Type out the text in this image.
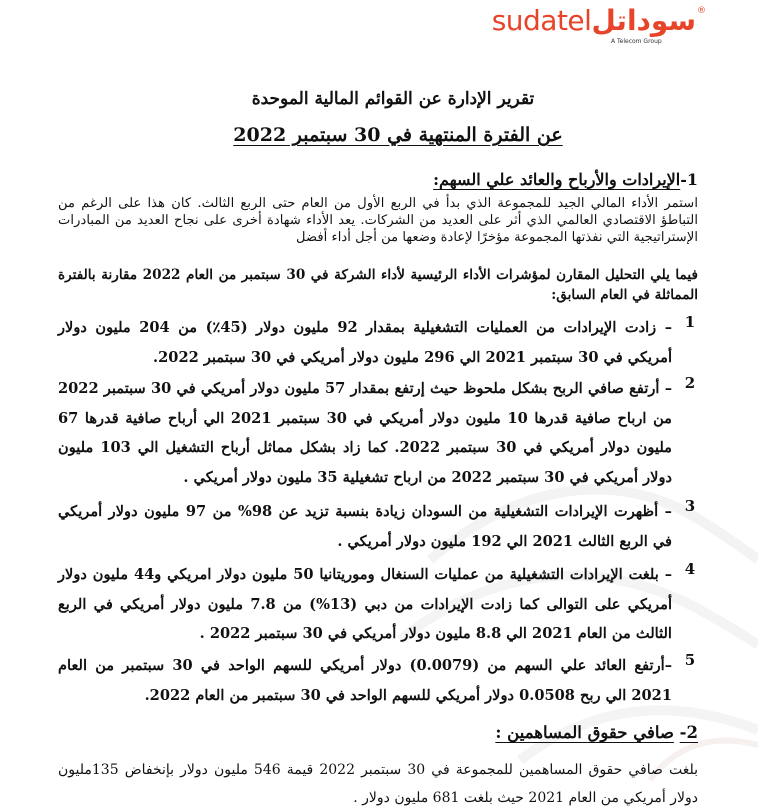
sudatelسوداتل ®
A Telecom Group
تقرير الإدارة عن القوائم المالية الموحدة
عن الفترة المنتهية في 30 سبتمبر 2022
1-الإيرادات والأرباح والعائد علي السهم:
استمر الأداء المالي الجيد للمجموعة الذي بدأ في الربع الأول من العام حتى الربع الثالث. كان هذا على الرغم من التباطؤ الاقتصادي العالمي الذي أثر على العديد من الشركات. يعد الأداء شهادة أخرى على نجاح العديد من المبادرات الإستراتيجية التي نفذتها المجموعة مؤخرًا لإعادة وضعها من أجل أداء أفضل
فيما يلي التحليل المقارن لمؤشرات الأداء الرئيسية لأداء الشركة في 30 سبتمبر من العام 2022 مقارنة بالفترة المماثلة في العام السابق:
1
– زادت الإيرادات من العمليات التشغيلية بمقدار 92 مليون دولار (45٪) من 204 مليون دولار أمريكي في 30 سبتمبر 2021 الي 296 مليون دولار أمريكي في 30 سبتمبر 2022.
2
– أرتفع صافي الربح بشكل ملحوظ حيث إرتفع بمقدار 57 مليون دولار أمريكي في 30 سبتمبر 2022 من ارباح صافية قدرها 10 مليون دولار أمريكي في 30 سبتمبر 2021 الي أرباح صافية قدرها 67 مليون دولار أمريكي في 30 سبتمبر 2022. كما زاد بشكل مماثل أرباح التشغيل الي 103 مليون دولار أمريكي في 30 سبتمبر 2022 من ارباح تشغيلية 35 مليون دولار أمريكي .
3
– أظهرت الإيرادات التشغيلية من السودان زيادة بنسبة تزيد عن 98% من 97 مليون دولار أمريكي في الربع الثالث 2021 الي 192 مليون دولار أمريكي .
4
– بلغت الإيرادات التشغيلية من عمليات السنغال وموريتانيا 50 مليون دولار امريكي و44 مليون دولار أمريكي على التوالى كما زادت الإيرادات من دبي (13%) من 7.8 مليون دولار أمريكي في الربع الثالث من العام 2021 الي 8.8 مليون دولار أمريكي في 30 سبتمبر 2022 .
5
–أرتفع العائد علي السهم من (0.0079) دولار أمريكي للسهم الواحد في 30 سبتمبر من العام 2021 الي ربح 0.0508 دولار أمريكي للسهم الواحد في 30 سبتمبر من العام 2022.
2- صافي حقوق المساهمين :
بلغت صافي حقوق المساهمين للمجموعة في 30 سبتمبر 2022 قيمة 546 مليون دولار بإنخفاض 135مليون دولار أمريكي من العام 2021 حيث بلغت 681 مليون دولار .
